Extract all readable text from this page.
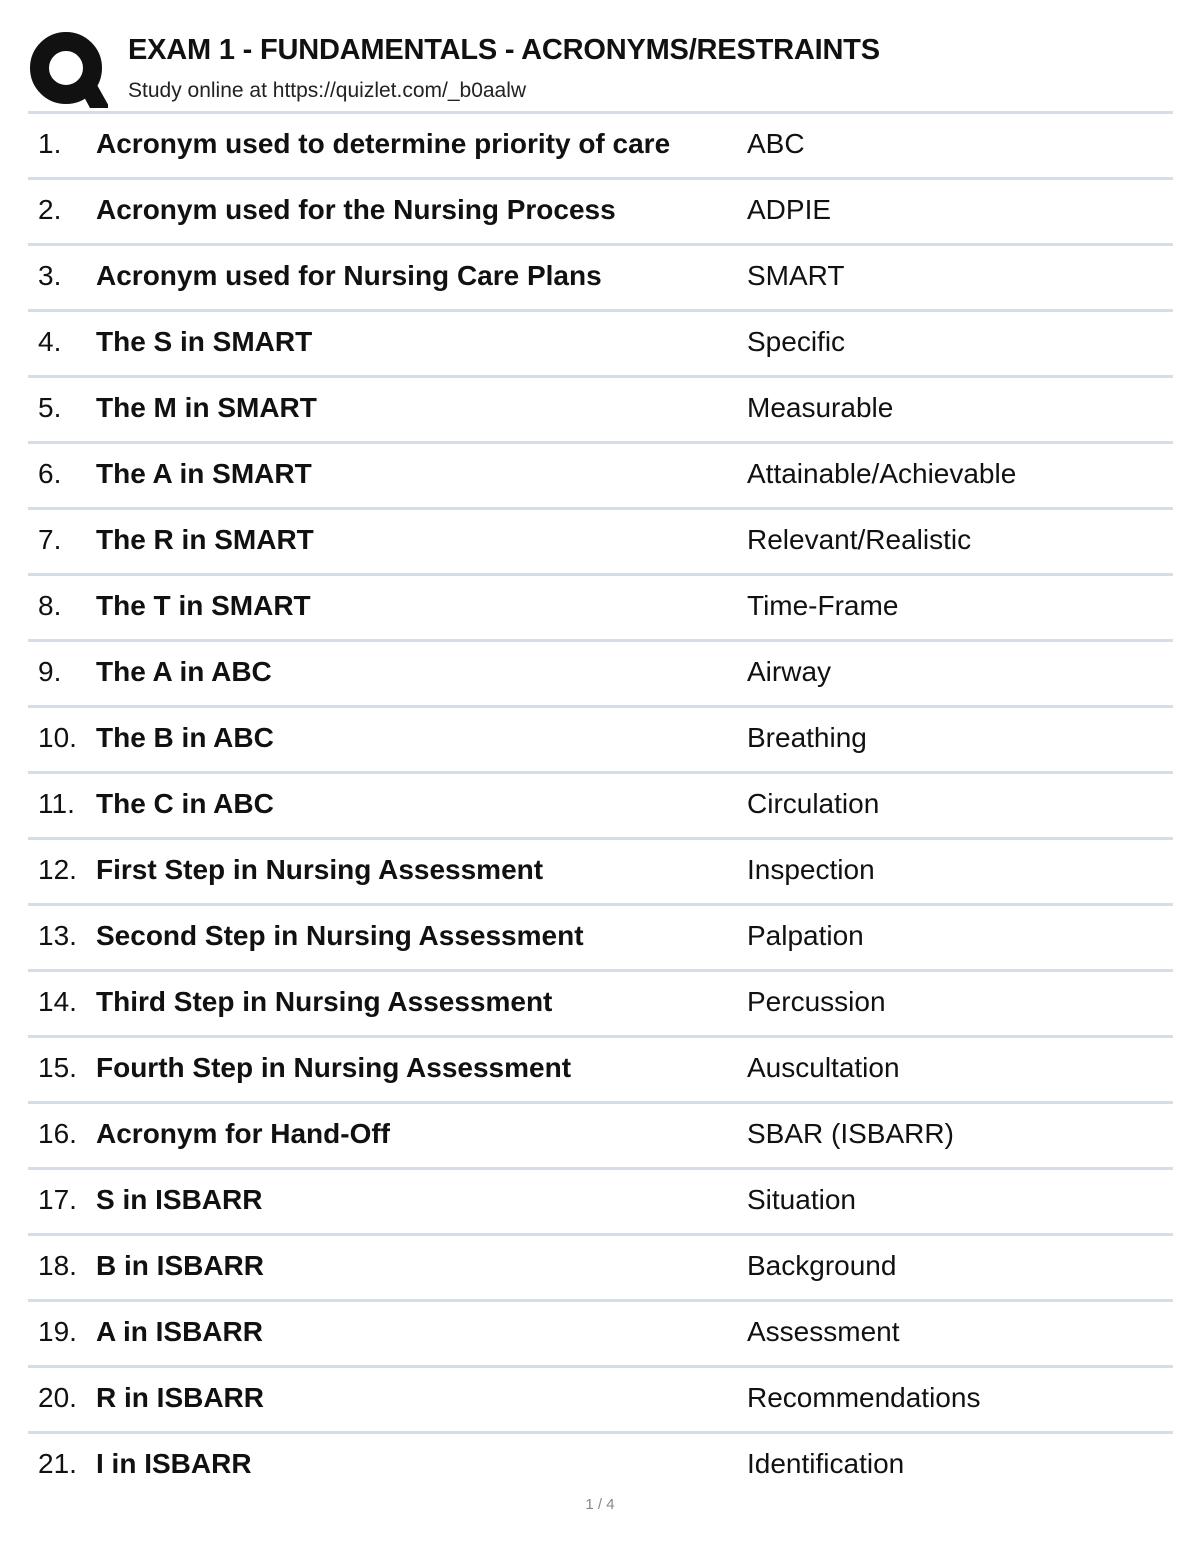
EXAM 1 - FUNDAMENTALS - ACRONYMS/RESTRAINTS
Study online at https://quizlet.com/_b0aalw
1. Acronym used to determine priority of care	ABC
2. Acronym used for the Nursing Process	ADPIE
3. Acronym used for Nursing Care Plans	SMART
4. The S in SMART	Specific
5. The M in SMART	Measurable
6. The A in SMART	Attainable/Achievable
7. The R in SMART	Relevant/Realistic
8. The T in SMART	Time-Frame
9. The A in ABC	Airway
10. The B in ABC	Breathing
11. The C in ABC	Circulation
12. First Step in Nursing Assessment	Inspection
13. Second Step in Nursing Assessment	Palpation
14. Third Step in Nursing Assessment	Percussion
15. Fourth Step in Nursing Assessment	Auscultation
16. Acronym for Hand-Off	SBAR (ISBARR)
17. S in ISBARR	Situation
18. B in ISBARR	Background
19. A in ISBARR	Assessment
20. R in ISBARR	Recommendations
21. I in ISBARR	Identification
1 / 4
